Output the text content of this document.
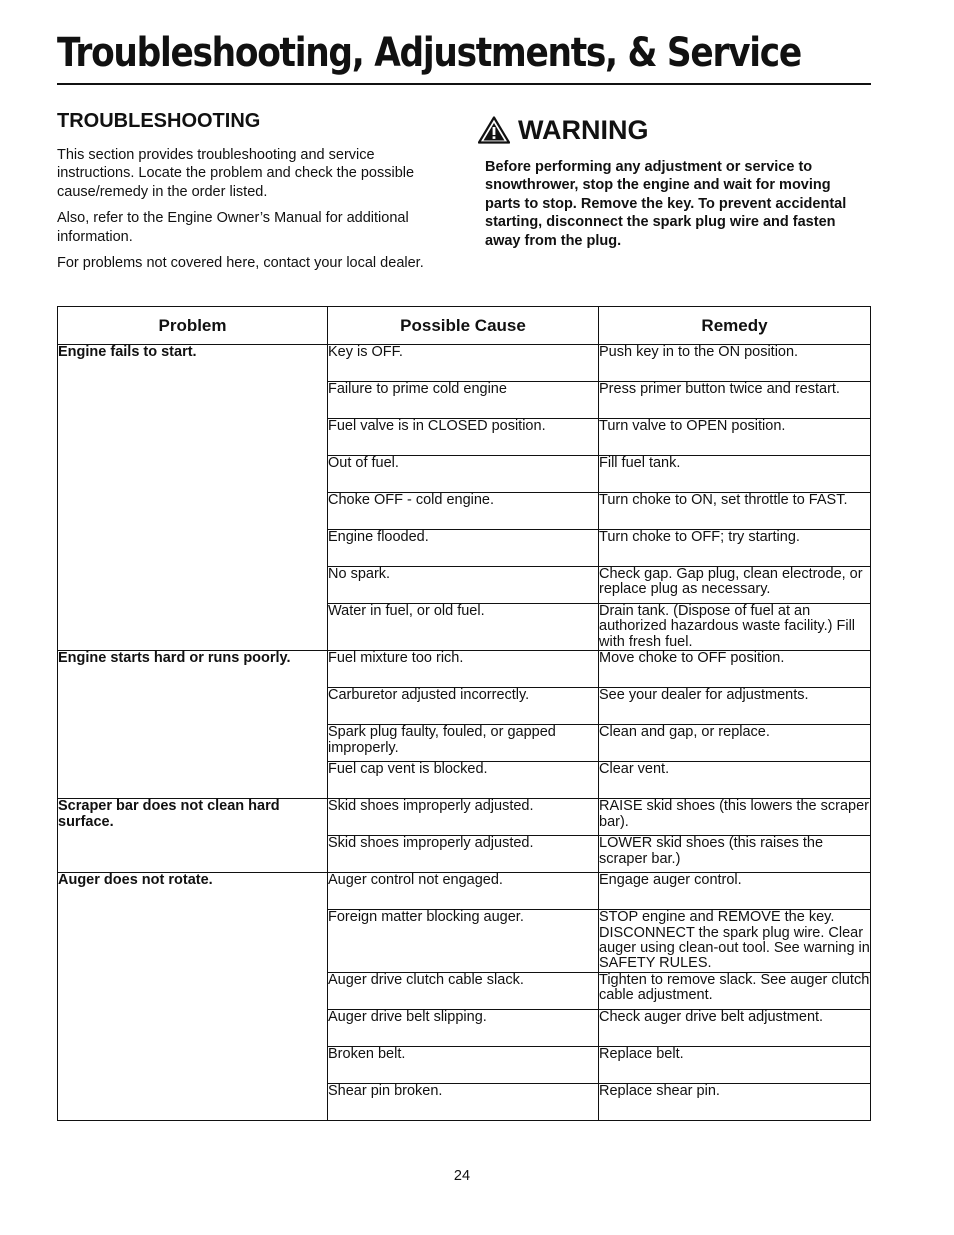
Troubleshooting, Adjustments, & Service
TROUBLESHOOTING

This section provides troubleshooting and service instructions. Locate the problem and check the possible cause/remedy in the order listed.

Also, refer to the Engine Owner’s Manual for additional information.

For problems not covered here, contact your local dealer.

WARNING

Before performing any adjustment or service to snowthrower, stop the engine and wait for moving parts to stop. Remove the key. To prevent accidental starting, disconnect the spark plug wire and fasten away from the plug.

Problem	Possible Cause	Remedy
Engine fails to start.	Key is OFF.	Push key in to the ON position.
	Failure to prime cold engine	Press primer button twice and restart.
	Fuel valve is in CLOSED position.	Turn valve to OPEN position.
	Out of fuel.	Fill fuel tank.
	Choke OFF - cold engine.	Turn choke to ON, set throttle to FAST.
	Engine flooded.	Turn choke to OFF; try starting.
	No spark.	Check gap. Gap plug, clean electrode, or replace plug as necessary.
	Water in fuel, or old fuel.	Drain tank. (Dispose of fuel at an authorized hazardous waste facility.) Fill with fresh fuel.
Engine starts hard or runs poorly.	Fuel mixture too rich.	Move choke to OFF position.
	Carburetor adjusted incorrectly.	See your dealer for adjustments.
	Spark plug faulty, fouled, or gapped improperly.	Clean and gap, or replace.
	Fuel cap vent is blocked.	Clear vent.
Scraper bar does not clean hard surface.	Skid shoes improperly adjusted.	RAISE skid shoes (this lowers the scraper bar).
	Skid shoes improperly adjusted.	LOWER skid shoes (this raises the scraper bar.)
Auger does not rotate.	Auger control not engaged.	Engage auger control.
	Foreign matter blocking auger.	STOP engine and REMOVE the key. DISCONNECT the spark plug wire. Clear auger using clean-out tool. See warning in SAFETY RULES.
	Auger drive clutch cable slack.	Tighten to remove slack. See auger clutch cable adjustment.
	Auger drive belt slipping.	Check auger drive belt adjustment.
	Broken belt.	Replace belt.
	Shear pin broken.	Replace shear pin.
24
